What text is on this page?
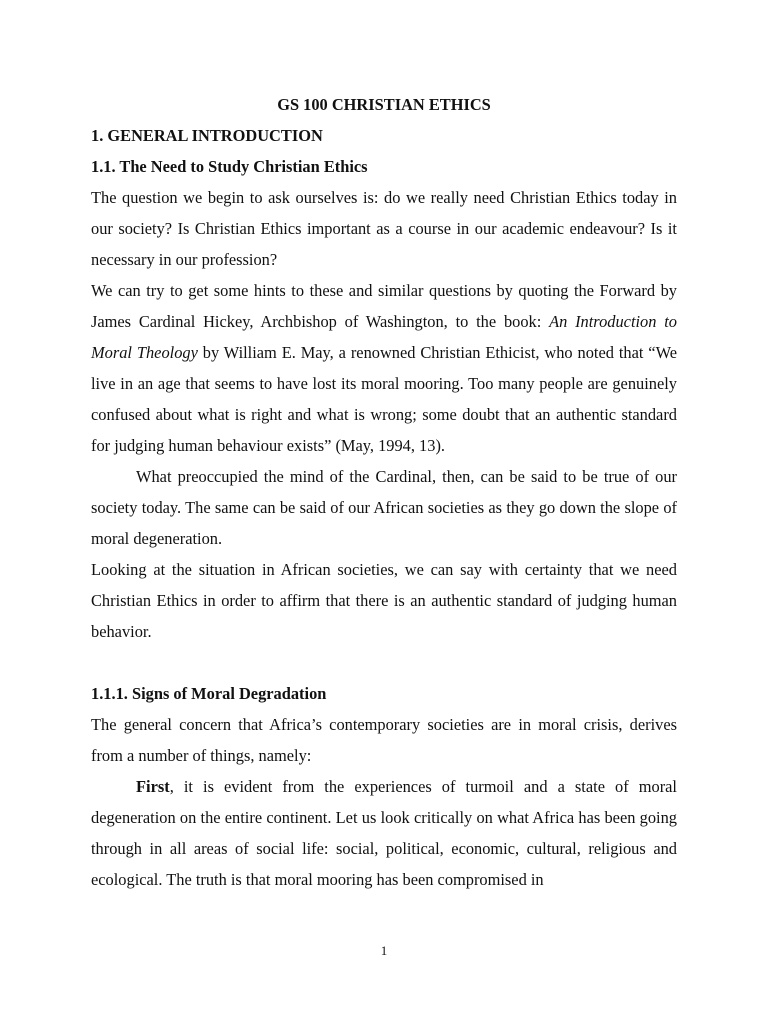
GS 100 CHRISTIAN ETHICS
1. GENERAL INTRODUCTION
1.1. The Need to Study Christian Ethics

The question we begin to ask ourselves is: do we really need Christian Ethics today in our society? Is Christian Ethics important as a course in our academic endeavour? Is it necessary in our profession?

We can try to get some hints to these and similar questions by quoting the Forward by James Cardinal Hickey, Archbishop of Washington, to the book: An Introduction to Moral Theology by William E. May, a renowned Christian Ethicist, who noted that “We live in an age that seems to have lost its moral mooring. Too many people are genuinely confused about what is right and what is wrong; some doubt that an authentic standard for judging human behaviour exists” (May, 1994, 13).

What preoccupied the mind of the Cardinal, then, can be said to be true of our society today. The same can be said of our African societies as they go down the slope of moral degeneration.

Looking at the situation in African societies, we can say with certainty that we need Christian Ethics in order to affirm that there is an authentic standard of judging human behavior.

1.1.1. Signs of Moral Degradation

The general concern that Africa’s contemporary societies are in moral crisis, derives from a number of things, namely:

First, it is evident from the experiences of turmoil and a state of moral degeneration on the entire continent. Let us look critically on what Africa has been going through in all areas of social life: social, political, economic, cultural, religious and ecological. The truth is that moral mooring has been compromised in

1
